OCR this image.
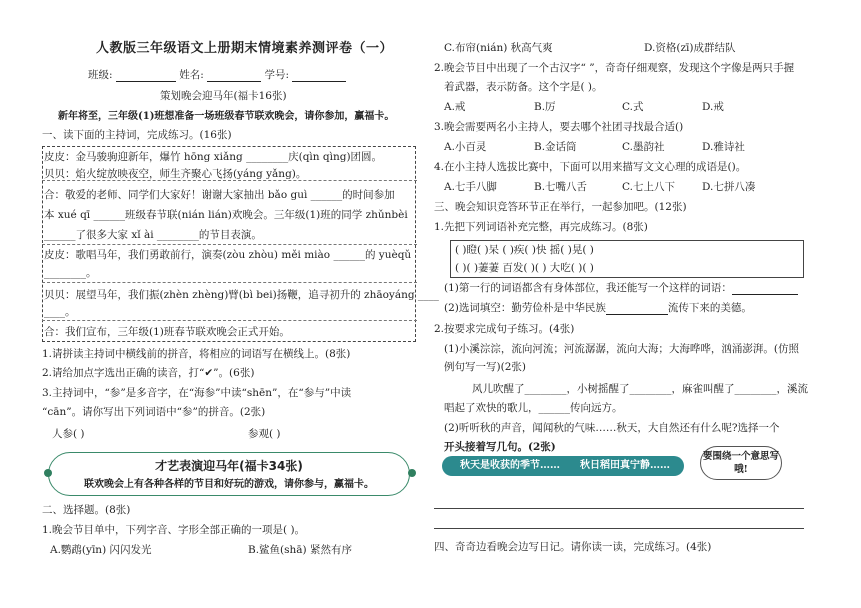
人教版三年级语文上册期末情境素养测评卷（一）
班级:	姓名:	学号:
策划晚会迎马年(福卡16张)
新年将至，三年级(1)班想准备一场班级春节联欢晚会，请你参加，赢福卡。
一、读下面的主持词，完成练习。(16张)
皮皮：金马骏驹迎新年，爆竹 hōng xiǎng ________庆(qìn qìng)团圆。
贝贝：焰火绽放映夜空，师生齐聚心飞扬(yáng yǎng)。
合：敬爱的老师、同学们大家好！谢谢大家抽出 bǎo guì ______的时间参加
本 xué qī ______班级春节联(nián lián)欢晚会。三年级(1)班的同学 zhǔnbèi
______了很多大家 xǐ ài ________的节目表演。
皮皮：歌唱马年，我们勇敢前行，演奏(zòu zhòu) měi miào ______的 yuèqǔ
________。
贝贝：展望马年，我们振(zhèn zhèng)臂(bì bei)扬鞭，追寻初升的 zhāoyáng ____
____。
合：我们宣布，三年级(1)班春节联欢晚会正式开始。
1.请拼读主持词中横线前的拼音，将相应的词语写在横线上。(8张)
2.请给加点字选出正确的读音，打“✔”。(6张)
3.主持词中，“参”是多音字，在“海参”中读“shēn”，在“参与”中读
“cān”。请你写出下列词语中“参”的拼音。(2张)
人参( )	参观( )
才艺表演迎马年(福卡34张)
联欢晚会上有各种各样的节目和好玩的游戏，请你参与，赢福卡。
二、选择题。(8张)
1.晚会节目单中，下列字音、字形全部正确的一项是( )。
A.鹦鹉(yīn) 闪闪发光	B.鲨鱼(shā) 紧然有序
C.布帘(nián) 秋高气爽	D.资格(zī)成群结队
2.晚会节目中出现了一个古汉字“ ”，奇奇仔细观察，发现这个字像是两只手握
着武器，表示防备。这个字是( )。
A.戒	B.厉	C.式	D.戒
3.晚会需要两名小主持人，要去哪个社团寻找最合适()
A.小百灵	B.金话筒	C.墨韵社	D.雅诗社
4.在小主持人选拔比赛中，下面可以用来描写文文心理的成语是()。
A.七手八脚	B.七嘴八舌	C.七上八下	D.七拼八凑
三、晚会知识竞答环节正在举行，一起参加吧。(12张)
1.先把下列词语补充完整，再完成练习。(8张)
( )瞪( )呆 ( )疾( )快 摇( )晃( )
( )( )萋萋 百发( )( ) 大吃( )( )
(1)第一行的词语都含有身体部位，我还能写一个这样的词语：
(2)选词填空：勤劳俭朴是中华民族	流传下来的美德。
2.按要求完成句子练习。(4张)
(1)小溪淙淙，流向河流；河流潺潺，流向大海；大海哗哗，汹涌澎湃。(仿照
例句写一写)(2张)
风儿吹醒了________，小树摇醒了________，麻雀叫醒了________，溪流
唱起了欢快的歌儿，______传向远方。
(2)听听秋的声音，闻闻秋的气味……秋天，大自然还有什么呢?选择一个
开头接着写几句。(2张)
秋天是收获的季节…… 秋日稻田真宁静……
要围绕一个意思写哦!
四、奇奇边看晚会边写日记。请你读一读，完成练习。(4张)
